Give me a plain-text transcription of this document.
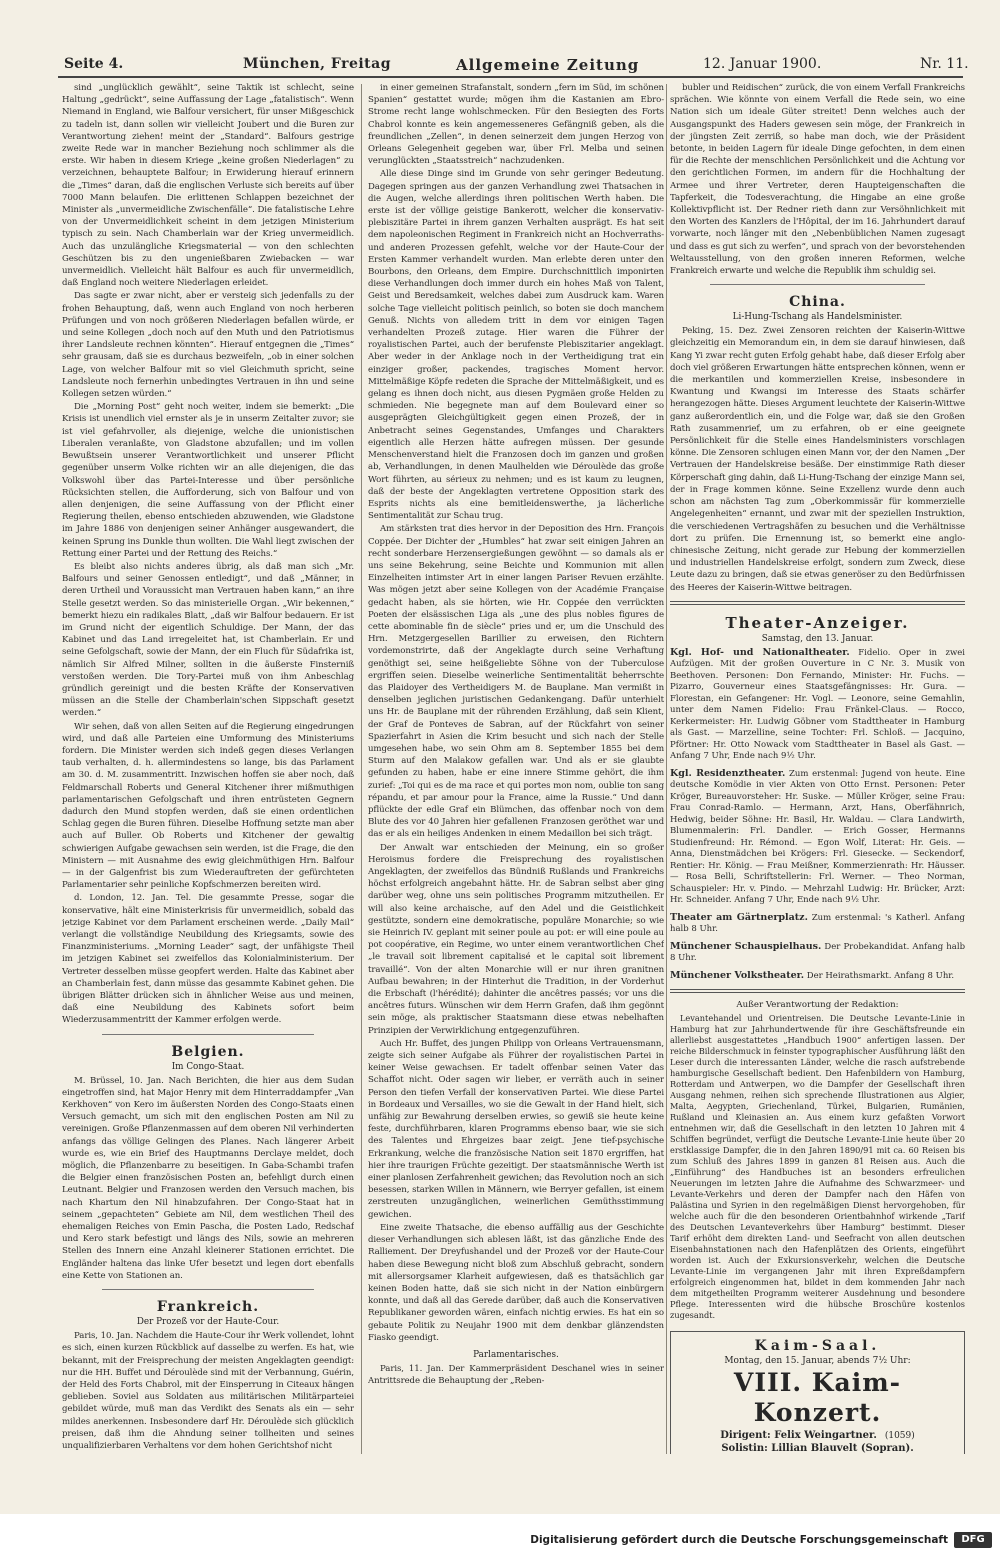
Seite 4.	München, Freitag	Allgemeine Zeitung	12. Januar 1900.	Nr. 11.

sind „unglücklich gewählt“, seine Taktik ist schlecht, seine Haltung „gedrückt“, seine Auffassung der Lage „fatalistisch“. Wenn Niemand in England, wie Balfour versichert, für unser Mißgeschick zu tadeln ist, dann sollen wir vielleicht Joubert und die Buren zur Verantwortung ziehen! meint der „Standard“. Balfours gestrige zweite Rede war in mancher Beziehung noch schlimmer als die erste. Wir haben in diesem Kriege „keine großen Niederlagen“ zu verzeichnen, behauptete Balfour; in Erwiderung hierauf erinnern die „Times“ daran, daß die englischen Verluste sich bereits auf über 7000 Mann belaufen. Die erlittenen Schlappen bezeichnet der Minister als „unvermeidliche Zwischenfälle“. Die fatalistische Lehre von der Unvermeidlichkeit scheint in dem jetzigen Ministerium typisch zu sein. Nach Chamberlain war der Krieg unvermeidlich. Auch das unzulängliche Kriegsmaterial — von den schlechten Geschützen bis zu den ungenießbaren Zwiebacken — war unvermeidlich. Vielleicht hält Balfour es auch für unvermeidlich, daß England noch weitere Niederlagen erleidet.

Das sagte er zwar nicht, aber er versteig sich jedenfalls zu der frohen Behauptung, daß, wenn auch England von noch herberen Prüfungen und von noch größeren Niederlagen befallen würde, er und seine Kollegen „doch noch auf den Muth und den Patriotismus ihrer Landsleute rechnen könnten“. Hierauf entgegnen die „Times“ sehr grausam, daß sie es durchaus bezweifeln, „ob in einer solchen Lage, von welcher Balfour mit so viel Gleichmuth spricht, seine Landsleute noch fernerhin unbedingtes Vertrauen in ihn und seine Kollegen setzen würden.“

Die „Morning Post“ geht noch weiter, indem sie bemerkt: „Die Krisis ist unendlich viel ernster als je in unserm Zeitalter zuvor; sie ist viel gefahrvoller, als diejenige, welche die unionistischen Liberalen veranlaßte, von Gladstone abzufallen; und im vollen Bewußtsein unserer Verantwortlichkeit und unserer Pflicht gegenüber unserm Volke richten wir an alle diejenigen, die das Volkswohl über das Partei-Interesse und über persönliche Rücksichten stellen, die Aufforderung, sich von Balfour und von allen denjenigen, die seine Auffassung von der Pflicht einer Regierung theilen, ebenso entschieden abzuwenden, wie Gladstone im Jahre 1886 von denjenigen seiner Anhänger ausgewandert, die keinen Sprung ins Dunkle thun wollten. Die Wahl liegt zwischen der Rettung einer Partei und der Rettung des Reichs.“

Es bleibt also nichts anderes übrig, als daß man sich „Mr. Balfours und seiner Genossen entledigt“, und daß „Männer, in deren Urtheil und Voraussicht man Vertrauen haben kann,“ an ihre Stelle gesetzt werden. So das ministerielle Organ. „Wir bekennen,“ bemerkt hiezu ein radikales Blatt, „daß wir Balfour bedauern. Er ist im Grund nicht der eigentlich Schuldige. Der Mann, der das Kabinet und das Land irregeleitet hat, ist Chamberlain. Er und seine Gefolgschaft, sowie der Mann, der ein Fluch für Südafrika ist, nämlich Sir Alfred Milner, sollten in die äußerste Finsterniß verstoßen werden. Die Tory-Partei muß von ihm Anbeschlag gründlich gereinigt und die besten Kräfte der Konservativen müssen an die Stelle der Chamberlain'schen Sippschaft gesetzt werden.“

Wir sehen, daß von allen Seiten auf die Regierung eingedrungen wird, und daß alle Parteien eine Umformung des Ministeriums fordern. Die Minister werden sich indeß gegen dieses Verlangen taub verhalten, d. h. allermindestens so lange, bis das Parlament am 30. d. M. zusammentritt. Inzwischen hoffen sie aber noch, daß Feldmarschall Roberts und General Kitchener ihrer mißmuthigen parlamentarischen Gefolgschaft und ihren entrüsteten Gegnern dadurch den Mund stopfen werden, daß sie einen ordentlichen Schlag gegen die Buren führen. Dieselbe Hoffnung setzte man aber auch auf Buller. Ob Roberts und Kitchener der gewaltig schwierigen Aufgabe gewachsen sein werden, ist die Frage, die den Ministern — mit Ausnahme des ewig gleichmüthigen Hrn. Balfour — in der Galgenfrist bis zum Wiederauftreten der gefürchteten Parlamentarier sehr peinliche Kopfschmerzen bereiten wird.

d. London, 12. Jan. Tel. Die gesammte Presse, sogar die konservative, hält eine Ministerkrisis für unvermeidlich, sobald das jetzige Kabinet vor dem Parlament erscheinen werde. „Daily Mail“ verlangt die vollständige Neubildung des Kriegsamts, sowie des Finanzministeriums. „Morning Leader“ sagt, der unfähigste Theil im jetzigen Kabinet sei zweifellos das Kolonialministerium. Der Vertreter desselben müsse geopfert werden. Halte das Kabinet aber an Chamberlain fest, dann müsse das gesammte Kabinet gehen. Die übrigen Blätter drücken sich in ähnlicher Weise aus und meinen, daß eine Neubildung des Kabinets sofort beim Wiederzusammentritt der Kammer erfolgen werde.

Belgien.
Im Congo-Staat.

M. Brüssel, 10. Jan. Nach Berichten, die hier aus dem Sudan eingetroffen sind, hat Major Henry mit dem Hinterraddampfer „Van Kerkhoven“ von Kero im äußersten Norden des Congo-Staats einen Versuch gemacht, um sich mit den englischen Posten am Nil zu vereinigen. Große Pflanzenmassen auf dem oberen Nil verhinderten anfangs das völlige Gelingen des Planes. Nach längerer Arbeit wurde es, wie ein Brief des Hauptmanns Derclaye meldet, doch möglich, die Pflanzenbarre zu beseitigen. In Gaba-Schambi trafen die Belgier einen französischen Posten an, befehligt durch einen Leutnant. Belgier und Franzosen werden den Versuch machen, bis nach Khartum den Nil hinabzufahren. Der Congo-Staat hat in seinem „gepachteten“ Gebiete am Nil, dem westlichen Theil des ehemaligen Reiches von Emin Pascha, die Posten Lado, Redschaf und Kero stark befestigt und längs des Nils, sowie an mehreren Stellen des Innern eine Anzahl kleinerer Stationen errichtet. Die Engländer haltena das linke Ufer besetzt und legen dort ebenfalls eine Kette von Stationen an.

Frankreich.
Der Prozeß vor der Haute-Cour.

Paris, 10. Jan. Nachdem die Haute-Cour ihr Werk vollendet, lohnt es sich, einen kurzen Rückblick auf dasselbe zu werfen. Es hat, wie bekannt, mit der Freisprechung der meisten Angeklagten geendigt: nur die HH. Buffet und Déroulède sind mit der Verbannung, Guérin, der Held des Forts Chabrol, mit der Einsperrung in Citeaux hängen geblieben. Soviel aus Soldaten aus militärischen Militärparteiei gebildet würde, muß man das Verdikt des Senats als ein — sehr mildes anerkennen. Insbesondere darf Hr. Déroulède sich glücklich preisen, daß ihm die Ahndung seiner tollheiten und seines unqualifizierbaren Verhaltens vor dem hohen Gerichtshof nicht

in einer gemeinen Strafanstalt, sondern „fern im Süd, im schönen Spanien“ gestattet wurde; mögen ihm die Kastanien am Ebro-Strome recht lange wohlschmecken. Für den Besiegten des Forts Chabrol konnte es kein angemesseneres Gefängniß geben, als die freundlichen „Zellen“, in denen seinerzeit dem jungen Herzog von Orleans Gelegenheit gegeben war, über Frl. Melba und seinen verunglückten „Staatsstreich“ nachzudenken.

Alle diese Dinge sind im Grunde von sehr geringer Bedeutung. Dagegen springen aus der ganzen Verhandlung zwei Thatsachen in die Augen, welche allerdings ihren politischen Werth haben. Die erste ist der völlige geistige Bankerott, welcher die konservativ-plebiszitäre Partei in ihrem ganzen Verhalten ausprägt. Es hat seit dem napoleonischen Regiment in Frankreich nicht an Hochverraths- und anderen Prozessen gefehlt, welche vor der Haute-Cour der Ersten Kammer verhandelt wurden. Man erlebte deren unter den Bourbons, den Orleans, dem Empire. Durchschnittlich imponirten diese Verhandlungen doch immer durch ein hohes Maß von Talent, Geist und Beredsamkeit, welches dabei zum Ausdruck kam. Waren solche Tage vielleicht politisch peinlich, so boten sie doch manchem Genuß. Nichts von alledem tritt in dem vor einigen Tagen verhandelten Prozeß zutage. Hier waren die Führer der royalistischen Partei, auch der berufenste Plebiszitarier angeklagt. Aber weder in der Anklage noch in der Vertheidigung trat ein einziger großer, packendes, tragisches Moment hervor. Mittelmäßige Köpfe redeten die Sprache der Mittelmäßigkeit, und es gelang es ihnen doch nicht, aus diesen Pygmäen große Helden zu schmieden. Nie begegnete man auf dem Boulevard einer so ausgeprägten Gleichgültigkeit gegen einen Prozeß, der in Anbetracht seines Gegenstandes, Umfanges und Charakters eigentlich alle Herzen hätte aufregen müssen. Der gesunde Menschenverstand hielt die Franzosen doch im ganzen und großen ab, Verhandlungen, in denen Maulhelden wie Déroulède das große Wort führten, au sérieux zu nehmen; und es ist kaum zu leugnen, daß der beste der Angeklagten vertretene Opposition stark des Esprits nichts als eine bemitleidenswerthe, ja lächerliche Sentimentalität zur Schau trug.

Am stärksten trat dies hervor in der Deposition des Hrn. François Coppée. Der Dichter der „Humbles“ hat zwar seit einigen Jahren an recht sonderbare Herzensergießungen gewöhnt — so damals als er uns seine Bekehrung, seine Beichte und Kommunion mit allen Einzelheiten intimster Art in einer langen Pariser Revuen erzählte. Was mögen jetzt aber seine Kollegen von der Académie Française gedacht haben, als sie hörten, wie Hr. Coppée den verrückten Poeten der elsässischen Liga als „une des plus nobles figures de cette abominable fin de siècle“ pries und er, um die Unschuld des Hrn. Metzgergesellen Barillier zu erweisen, den Richtern vordemonstrirte, daß der Angeklagte durch seine Verhaftung genöthigt sei, seine heißgeliebte Söhne von der Tuberculose ergriffen seien. Dieselbe weinerliche Sentimentalität beherrschte das Plaidoyer des Vertheidigers M. de Bauplane. Man vermißt in denselben jeglichen juristischen Gedankengang. Dafür unterhielt uns Hr. de Bauplane mit der rührenden Erzählung, daß sein Klient, der Graf de Ponteves de Sabran, auf der Rückfahrt von seiner Spazierfahrt in Asien die Krim besucht und sich nach der Stelle umgesehen habe, wo sein Ohm am 8. September 1855 bei dem Sturm auf den Malakow gefallen war. Und als er sie glaubte gefunden zu haben, habe er eine innere Stimme gehört, die ihm zurief: „Toi qui es de ma race et qui portes mon nom, oublie ton sang répandu, et par amour pour la France, aime la Russie.“ Und dann pflückte der edle Graf ein Blümchen, das offenbar noch von dem Blute des vor 40 Jahren hier gefallenen Franzosen geröthet war und das er als ein heiliges Andenken in einem Medaillon bei sich trägt.

Der Anwalt war entschieden der Meinung, ein so großer Heroismus fordere die Freisprechung des royalistischen Angeklagten, der zweifellos das Bündniß Rußlands und Frankreichs höchst erfolgreich angebahnt hätte. Hr. de Sabran selbst aber ging darüber weg, ohne uns sein politisches Programm mitzutheilen. Er will also keine archaische, auf den Adel und die Geistlichkeit gestützte, sondern eine demokratische, populäre Monarchie; so wie sie Heinrich IV. geplant mit seiner poule au pot: er will eine poule au pot coopérative, ein Regime, wo unter einem verantwortlichen Chef „le travail soit librement capitalisé et le capital soit librement travaillé“. Von der alten Monarchie will er nur ihren granitnen Aufbau bewahren; in der Hinterhut die Tradition, in der Vorderhut die Erbschaft (l'hérédité); dahinter die ancêtres passés; vor uns die ancêtres futurs. Wünschen wir dem Herrn Grafen, daß ihm gegönnt sein möge, als praktischer Staatsmann diese etwas nebelhaften Prinzipien der Verwirklichung entgegenzuführen.

Auch Hr. Buffet, des jungen Philipp von Orleans Vertrauensmann, zeigte sich seiner Aufgabe als Führer der royalistischen Partei in keiner Weise gewachsen. Er tadelt offenbar seinen Vater das Schaffot nicht. Oder sagen wir lieber, er verräth auch in seiner Person den tiefen Verfall der konservativen Partei. Wie diese Partei in Bordeaux und Versailles, wo sie die Gewalt in der Hand hielt, sich unfähig zur Bewahrung derselben erwies, so gewiß sie heute keine feste, durchführbaren, klaren Programms ebenso baar, wie sie sich des Talentes und Ehrgeizes baar zeigt. Jene tief-psychische Erkrankung, welche die französische Nation seit 1870 ergriffen, hat hier ihre traurigen Früchte gezeitigt. Der staatsmännische Werth ist einer planlosen Zerfahrenheit gewichen; das Revolution noch an sich besessen, starken Willen in Männern, wie Berryer gefallen, ist einem zerstreuten unzugänglichen, weinerlichen Gemüthsstimmung gewichen.

Eine zweite Thatsache, die ebenso auffällig aus der Geschichte dieser Verhandlungen sich ablesen läßt, ist das gänzliche Ende des Ralliement. Der Dreyfushandel und der Prozeß vor der Haute-Cour haben diese Bewegung nicht bloß zum Abschluß gebracht, sondern mit allersorgsamer Klarheit aufgewiesen, daß es thatsächlich gar keinen Boden hatte, daß sie sich nicht in der Nation einbürgern konnte, und daß all das Gerede darüber, daß auch die Konservativen Republikaner geworden wären, einfach nichtig erwies. Es hat ein so gebaute Politik zu Neujahr 1900 mit dem denkbar glänzendsten Fiasko geendigt.

Parlamentarisches.

Paris, 11. Jan. Der Kammerpräsident Deschanel wies in seiner Antrittsrede die Behauptung der „Reben-

bubler und Reidischen“ zurück, die von einem Verfall Frankreichs sprächen. Wie könnte von einem Verfall die Rede sein, wo eine Nation sich um ideale Güter streitet! Denn welches auch der Ausgangspunkt des Haders gewesen sein möge, der Frankreich in der jüngsten Zeit zerriß, so habe man doch, wie der Präsident betonte, in beiden Lagern für ideale Dinge gefochten, in dem einen für die Rechte der menschlichen Persönlichkeit und die Achtung vor den gerichtlichen Formen, im andern für die Hochhaltung der Armee und ihrer Vertreter, deren Haupteigenschaften die Tapferkeit, die Todesverachtung, die Hingabe an eine große Kollektivpflicht ist. Der Redner rieth dann zur Versöhnlichkeit mit den Worten des Kanzlers de l'Hôpital, der im 16. Jahrhundert darauf vorwarte, noch länger mit den „Nebenbüblichen Namen zugesagt und dass es gut sich zu werfen“, und sprach von der bevorstehenden Weltausstellung, von den großen inneren Reformen, welche Frankreich erwarte und welche die Republik ihm schuldig sei.

China.
Li-Hung-Tschang als Handelsminister.

Peking, 15. Dez. Zwei Zensoren reichten der Kaiserin-Wittwe gleichzeitig ein Memorandum ein, in dem sie darauf hinwiesen, daß Kang Yi zwar recht guten Erfolg gehabt habe, daß dieser Erfolg aber doch viel größeren Erwartungen hätte entsprechen können, wenn er die merkantilen und kommerziellen Kreise, insbesondere in Kwantung und Kwangsi im Interesse des Staats schärfer herangezogen hätte. Dieses Argument leuchtete der Kaiserin-Wittwe ganz außerordentlich ein, und die Folge war, daß sie den Großen Rath zusammenrief, um zu erfahren, ob er eine geeignete Persönlichkeit für die Stelle eines Handelsministers vorschlagen könne. Die Zensoren schlugen einen Mann vor, der den Namen „Der Vertrauen der Handelskreise besäße. Der einstimmige Rath dieser Körperschaft ging dahin, daß Li-Hung-Tschang der einzige Mann sei, der in Frage kommen könne. Seine Exzellenz wurde denn auch schon am nächsten Tag zum „Oberkommissär für kommerzielle Angelegenheiten“ ernannt, und zwar mit der speziellen Instruktion, die verschiedenen Vertragshäfen zu besuchen und die Verhältnisse dort zu prüfen. Die Ernennung ist, so bemerkt eine anglo-chinesische Zeitung, nicht gerade zur Hebung der kommerziellen und industriellen Handelskreise erfolgt, sondern zum Zweck, diese Leute dazu zu bringen, daß sie etwas generöser zu den Bedürfnissen des Heeres der Kaiserin-Wittwe beitragen.

Theater-Anzeiger.
Samstag, den 13. Januar.
Kgl. Hof- und Nationaltheater. Fidelio. Oper in zwei Aufzügen. Mit der großen Ouverture in C Nr. 3. Musik von Beethoven. Personen: Don Fernando, Minister: Hr. Fuchs. — Pizarro, Gouverneur eines Staatsgefängnisses: Hr. Gura. — Florestan, ein Gefangener: Hr. Vogl. — Leonore, seine Gemahlin, unter dem Namen Fidelio: Frau Fränkel-Claus. — Rocco, Kerkermeister: Hr. Ludwig Göbner vom Stadttheater in Hamburg als Gast. — Marzelline, seine Tochter: Frl. Schloß. — Jacquino, Pförtner: Hr. Otto Nowack vom Stadttheater in Basel als Gast. — Anfang 7 Uhr, Ende nach 9½ Uhr.
Kgl. Residenztheater. Zum erstenmal: Jugend von heute. Eine deutsche Komödie in vier Akten von Otto Ernst. Personen: Peter Kröger, Bureauvorsteher: Hr. Suske. — Müller Kröger, seine Frau: Frau Conrad-Ramlo. — Hermann, Arzt, Hans, Oberfähnrich, Hedwig, beider Söhne: Hr. Basil, Hr. Waldau. — Clara Landwirth, Blumenmalerin: Frl. Dandler. — Erich Gosser, Hermanns Studienfreund: Hr. Rémond. — Egon Wolf, Literat: Hr. Geis. — Anna, Dienstmädchen bei Krögers: Frl. Giesecke. — Seckendorf, Rentier: Hr. König. — Frau Meißner, Kommerzienrath: Hr. Häusser. — Rosa Belli, Schriftstellerin: Frl. Werner. — Theo Norman, Schauspieler: Hr. v. Pindo. — Mehrzahl Ludwig: Hr. Brücker, Arzt: Hr. Schneider. Anfang 7 Uhr, Ende nach 9½ Uhr.
Theater am Gärtnerplatz. Zum erstenmal: 's Katherl. Anfang halb 8 Uhr.
Münchener Schauspielhaus. Der Probekandidat. Anfang halb 8 Uhr.
Münchener Volkstheater. Der Heirathsmarkt. Anfang 8 Uhr.
Außer Verantwortung der Redaktion:

Levantehandel und Orientreisen. Die Deutsche Levante-Linie in Hamburg hat zur Jahrhundertwende für ihre Geschäftsfreunde ein allerliebst ausgestattetes „Handbuch 1900“ anfertigen lassen. Der reiche Bilderschmuck in feinster typographischer Ausführung läßt den Leser durch die interessanten Länder, welche die rasch aufstrebende hamburgische Gesellschaft bedient. Den Hafenbildern von Hamburg, Rotterdam und Antwerpen, wo die Dampfer der Gesellschaft ihren Ausgang nehmen, reihen sich sprechende Illustrationen aus Algier, Malta, Aegypten, Griechenland, Türkei, Bulgarien, Rumänien, Rußland und Kleinasien an. Aus einem kurz gefaßten Vorwort entnehmen wir, daß die Gesellschaft in den letzten 10 Jahren mit 4 Schiffen begründet, verfügt die Deutsche Levante-Linie heute über 20 erstklassige Dampfer, die in den Jahren 1890/91 mit ca. 60 Reisen bis zum Schluß des Jahres 1899 in ganzen 81 Reisen aus. Auch die „Einführung“ des Handbuches ist an besonders erfreulichen Neuerungen im letzten Jahre die Aufnahme des Schwarzmeer- und Levante-Verkehrs und deren der Dampfer nach den Häfen von Palästina und Syrien in den regelmäßigen Dienst hervorgehoben, für welche auch für die den besonderen Orientbahnhof wirkende „Tarif des Deutschen Levanteverkehrs über Hamburg“ bestimmt. Dieser Tarif erhöht dem direkten Land- und Seefracht von allen deutschen Eisenbahnstationen nach den Hafenplätzen des Orients, eingeführt worden ist. Auch der Exkursionsverkehr, welchen die Deutsche Levante-Linie im vergangenen Jahr mit ihren Expreßdampfern erfolgreich eingenommen hat, bildet in dem kommenden Jahr nach dem mitgetheilten Programm weiterer Ausdehnung und besondere Pflege. Interessenten wird die hübsche Broschüre kostenlos zugesandt.

Kaim-Saal.
Montag, den 15. Januar, abends 7½ Uhr:
VIII. Kaim-Konzert.
Dirigent: Felix Weingartner. (1059)
Solistin: Lillian Blauvelt (Sopran).
Digitalisierung gefördert durch die Deutsche Forschungsgemeinschaft	DFG
